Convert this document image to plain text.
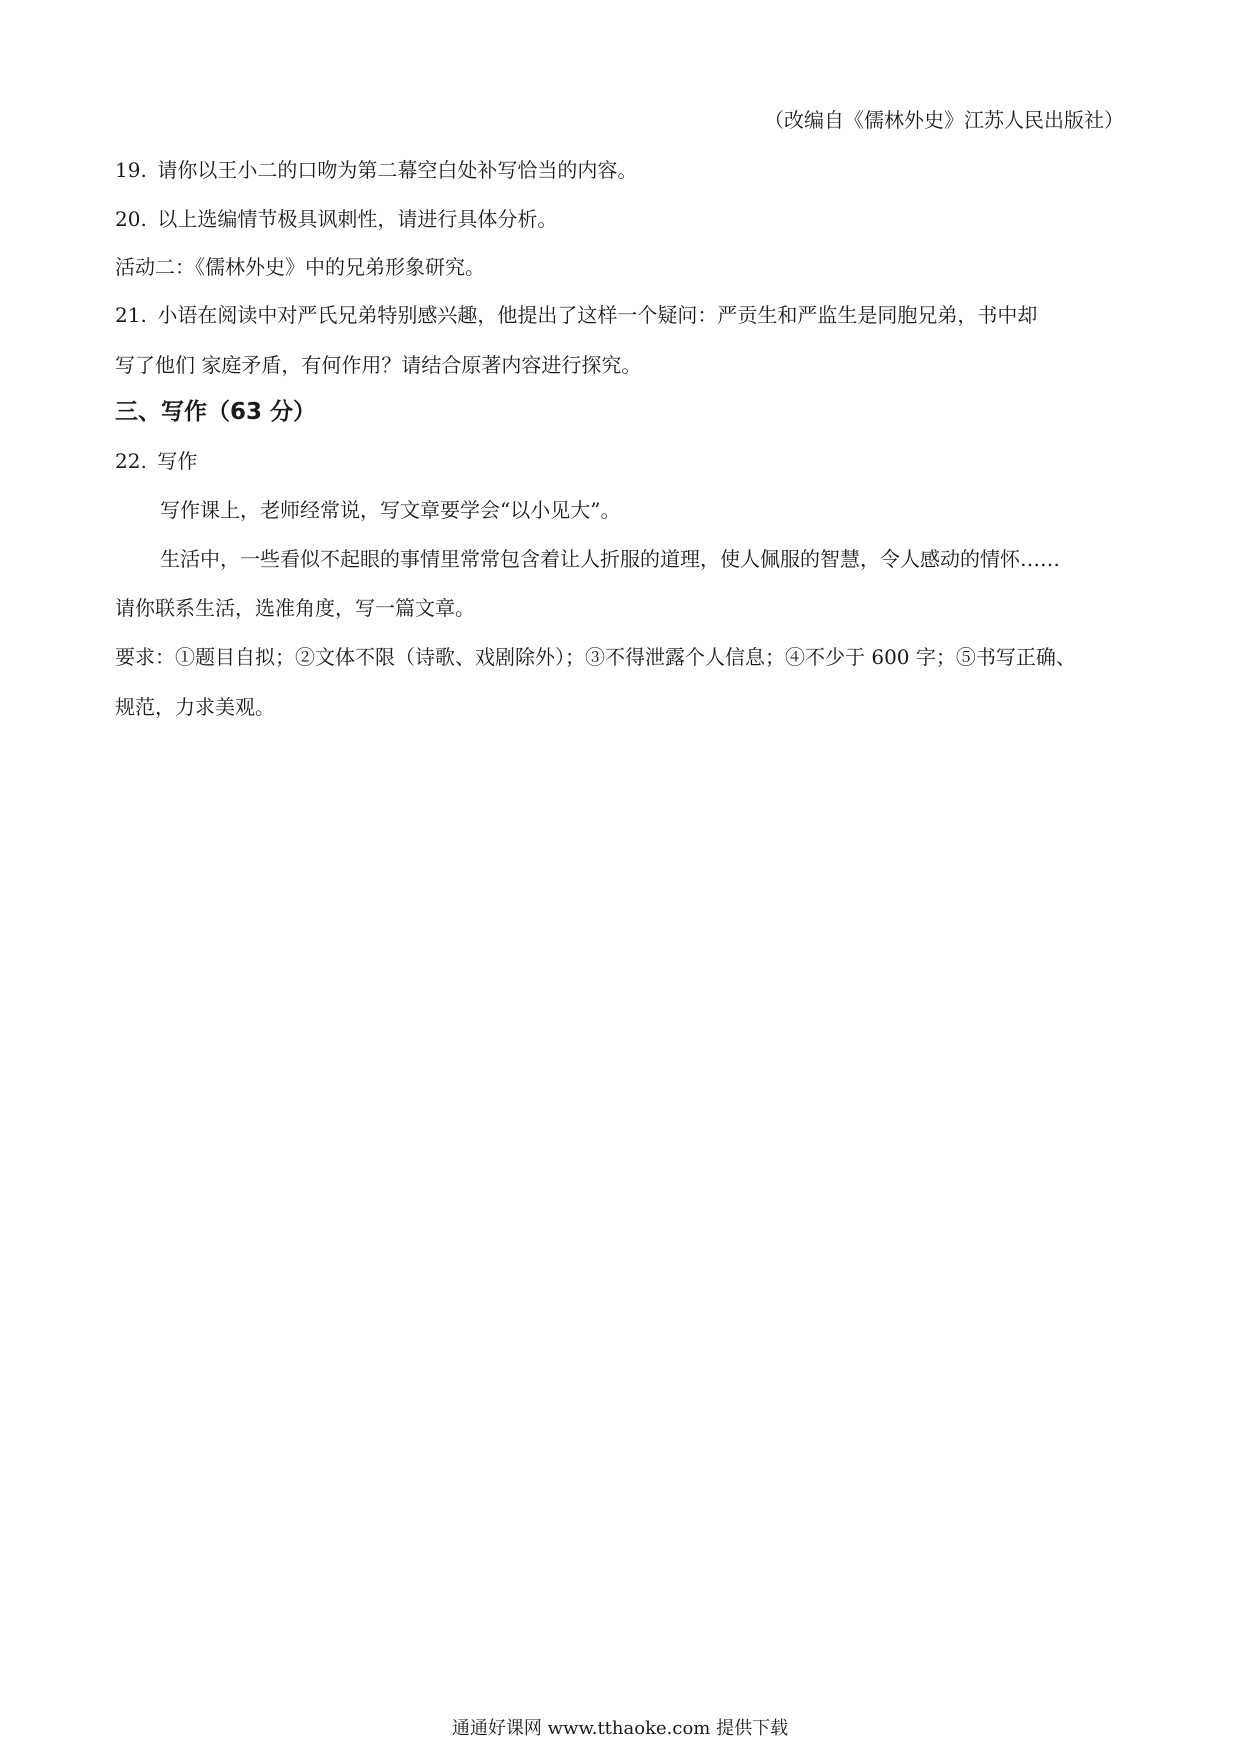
（改编自《儒林外史》江苏人民出版社）
19. 请你以王小二的口吻为第二幕空白处补写恰当的内容。
20. 以上选编情节极具讽刺性，请进行具体分析。
活动二：《儒林外史》中的兄弟形象研究。
21. 小语在阅读中对严氏兄弟特别感兴趣，他提出了这样一个疑问：严贡生和严监生是同胞兄弟，书中却
写了他们 家庭矛盾，有何作用？请结合原著内容进行探究。
三、写作（63 分）
22. 写作
写作课上，老师经常说，写文章要学会“以小见大”。
生活中，一些看似不起眼的事情里常常包含着让人折服的道理，使人佩服的智慧，令人感动的情怀……
请你联系生活，选准角度，写一篇文章。
要求：①题目自拟；②文体不限（诗歌、戏剧除外）；③不得泄露个人信息；④不少于 600 字；⑤书写正确、
规范，力求美观。
通通好课网 www.tthaoke.com 提供下载
